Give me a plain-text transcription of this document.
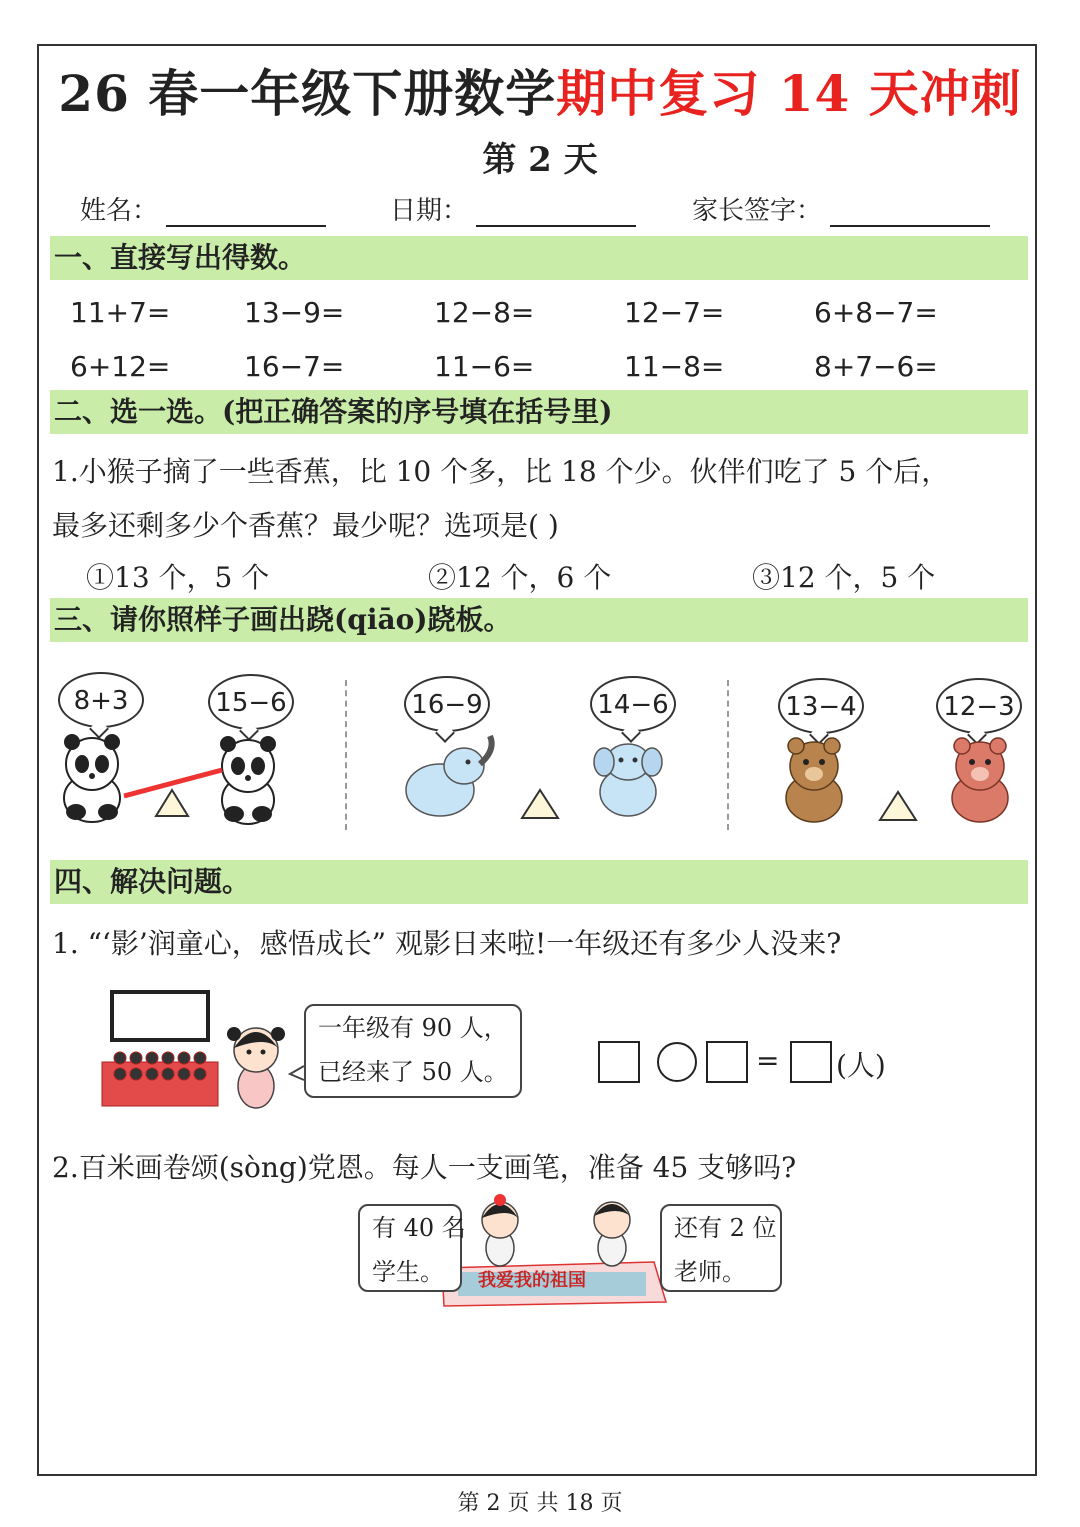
26 春一年级下册数学期中复习 14 天冲刺
第 2 天
姓名：	日期：	家长签字：
一、直接写出得数。
11+7=	13−9=	12−8=	12−7=	6+8−7=
6+12=	16−7=	11−6=	11−8=	8+7−6=
二、选一选。(把正确答案的序号填在括号里)
1.小猴子摘了一些香蕉，比 10 个多，比 18 个少。伙伴们吃了 5 个后，
最多还剩多少个香蕉？最少呢？选项是( )
①13 个，5 个	②12 个，6 个	③12 个，5 个
三、请你照样子画出跷(qiāo)跷板。
8+3	15−6	16−9	14−6	13−4	12−3
四、解决问题。
1. “‘影’润童心，感悟成长” 观影日来啦!一年级还有多少人没来?
一年级有 90 人，
已经来了 50 人。	= (人)
2.百米画卷颂(sòng)党恩。每人一支画笔，准备 45 支够吗?
有 40 名
学生。
还有 2 位
老师。
我爱我的祖国
第 2 页 共 18 页
